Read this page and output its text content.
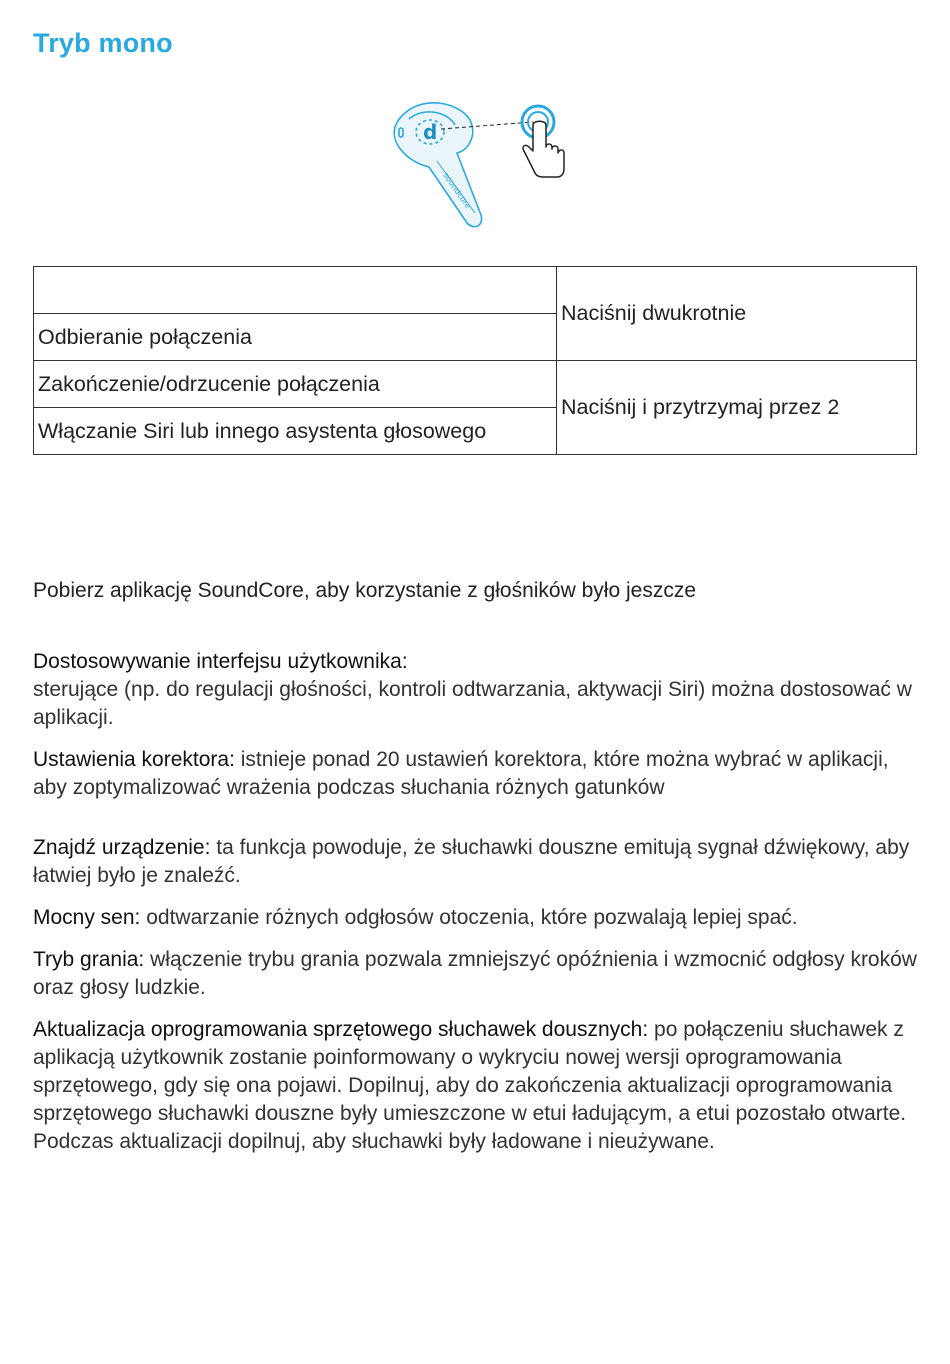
Tryb mono
d
soundcore
	Naciśnij dwukrotnie
Odbieranie połączenia	
Zakończenie/odrzucenie połączenia	Naciśnij i przytrzymaj przez 2
Włączanie Siri lub innego asystenta głosowego	
Pobierz aplikację SoundCore, aby korzystanie z głośników było jeszcze
Dostosowywanie interfejsu użytkownika:
sterujące (np. do regulacji głośności, kontroli odtwarzania, aktywacji Siri) można dostosować w aplikacji.
Ustawienia korektora: istnieje ponad 20 ustawień korektora, które można wybrać w aplikacji, aby zoptymalizować wrażenia podczas słuchania różnych gatunków
Znajdź urządzenie: ta funkcja powoduje, że słuchawki douszne emitują sygnał dźwiękowy, aby łatwiej było je znaleźć.
Mocny sen: odtwarzanie różnych odgłosów otoczenia, które pozwalają lepiej spać.
Tryb grania: włączenie trybu grania pozwala zmniejszyć opóźnienia i wzmocnić odgłosy kroków oraz głosy ludzkie.
Aktualizacja oprogramowania sprzętowego słuchawek dousznych: po połączeniu słuchawek z aplikacją użytkownik zostanie poinformowany o wykryciu nowej wersji oprogramowania sprzętowego, gdy się ona pojawi. Dopilnuj, aby do zakończenia aktualizacji oprogramowania sprzętowego słuchawki douszne były umieszczone w etui ładującym, a etui pozostało otwarte. Podczas aktualizacji dopilnuj, aby słuchawki były ładowane i nieużywane.
